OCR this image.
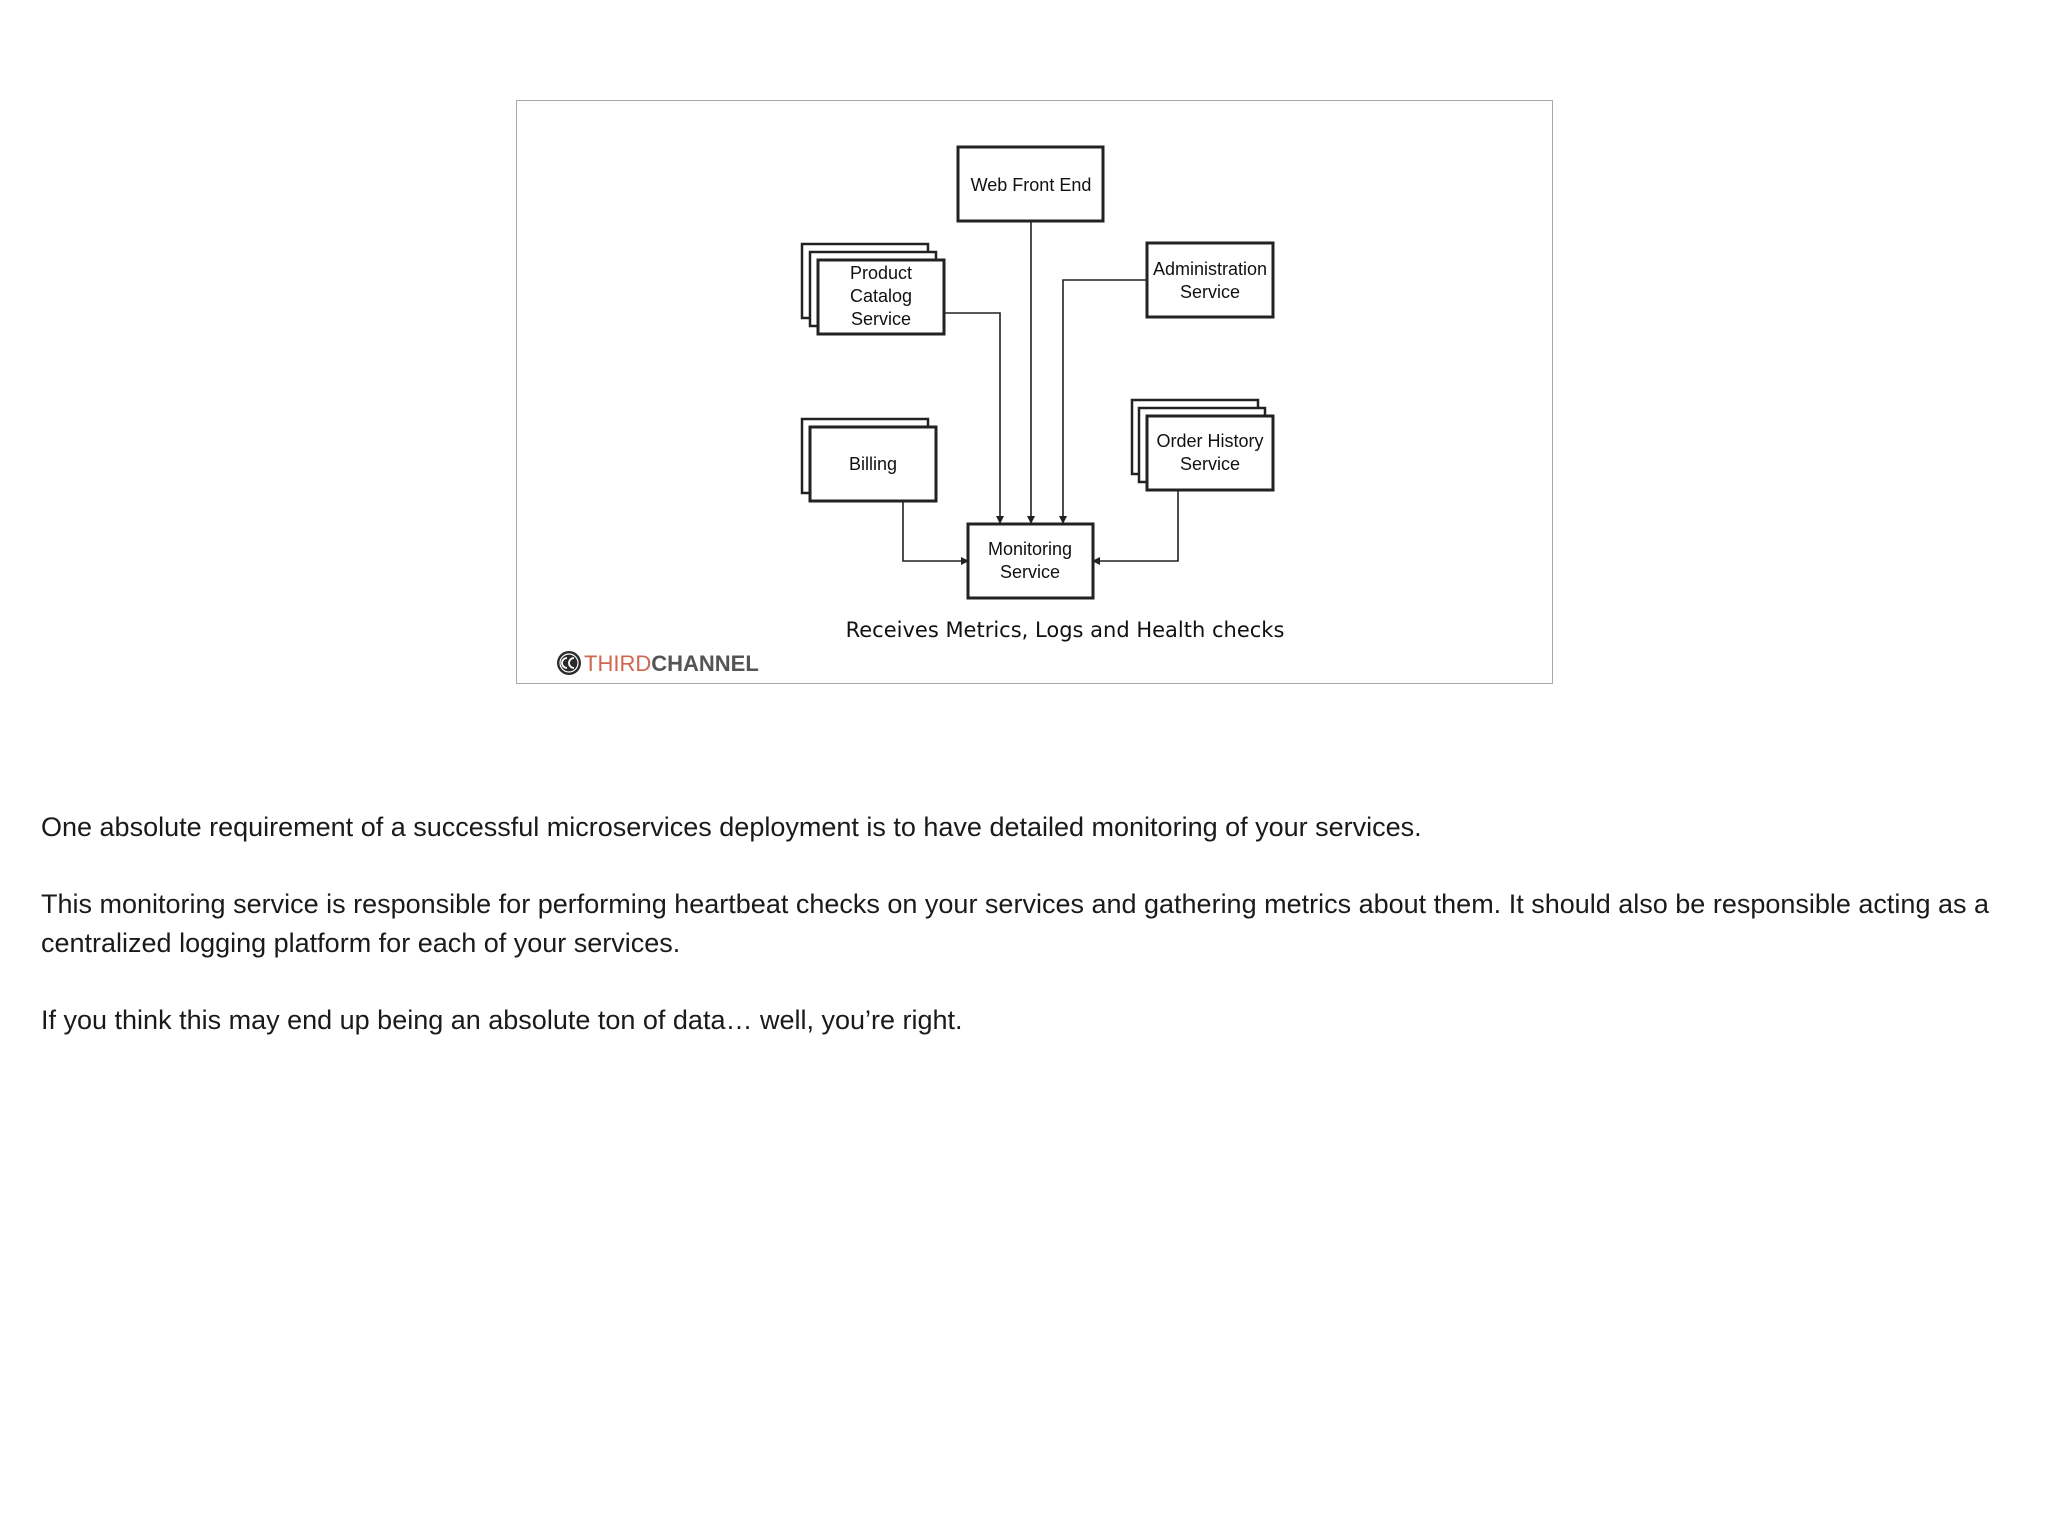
Web Front End
Product
Catalog
Service
Administration
Service
Billing
Order History
Service
Monitoring
Service
Receives Metrics, Logs and Health checks
THIRDCHANNEL

One absolute requirement of a successful microservices deployment is to have detailed monitoring of your services.

This monitoring service is responsible for performing heartbeat checks on your services and gathering metrics about them. It should also be responsible acting as a centralized logging platform for each of your services.

If you think this may end up being an absolute ton of data… well, you’re right.
